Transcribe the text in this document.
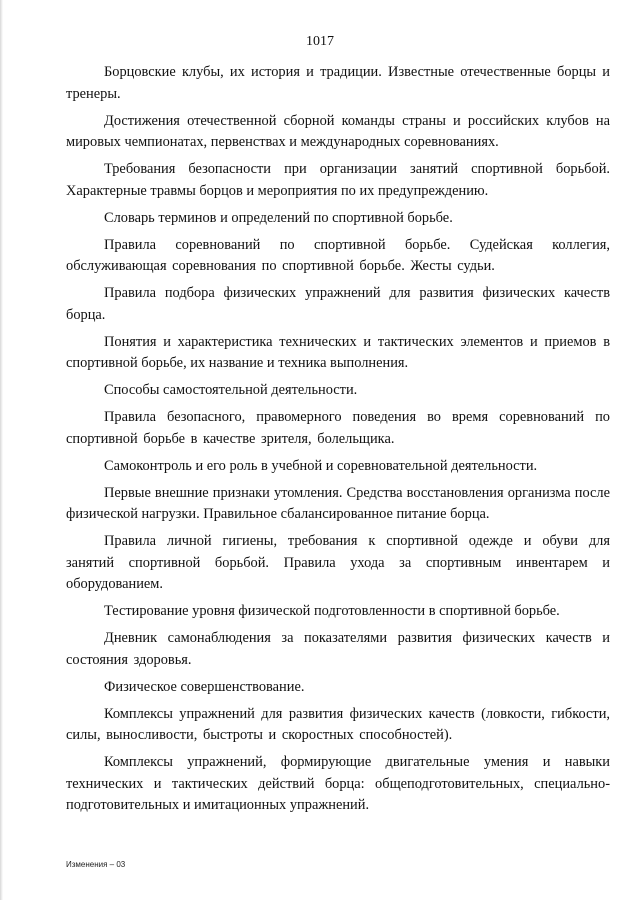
1017

Борцовские клубы, их история и традиции. Известные отечественные борцы и тренеры.

Достижения отечественной сборной команды страны и российских клубов на мировых чемпионатах, первенствах и международных соревнованиях.

Требования безопасности при организации занятий спортивной борьбой. Характерные травмы борцов и мероприятия по их предупреждению.

Словарь терминов и определений по спортивной борьбе.

Правила соревнований по спортивной борьбе. Судейская коллегия, обслуживающая соревнования по спортивной борьбе. Жесты судьи.

Правила подбора физических упражнений для развития физических качеств борца.

Понятия и характеристика технических и тактических элементов и приемов в спортивной борьбе, их название и техника выполнения.

Способы самостоятельной деятельности.

Правила безопасного, правомерного поведения во время соревнований по спортивной борьбе в качестве зрителя, болельщика.

Самоконтроль и его роль в учебной и соревновательной деятельности.

Первые внешние признаки утомления. Средства восстановления организма после физической нагрузки. Правильное сбалансированное питание борца.

Правила личной гигиены, требования к спортивной одежде и обуви для занятий спортивной борьбой. Правила ухода за спортивным инвентарем и оборудованием.

Тестирование уровня физической подготовленности в спортивной борьбе.

Дневник самонаблюдения за показателями развития физических качеств и состояния здоровья.

Физическое совершенствование.

Комплексы упражнений для развития физических качеств (ловкости, гибкости, силы, выносливости, быстроты и скоростных способностей).

Комплексы упражнений, формирующие двигательные умения и навыки технических и тактических действий борца: общеподготовительных, специально-подготовительных и имитационных упражнений.

Изменения – 03
